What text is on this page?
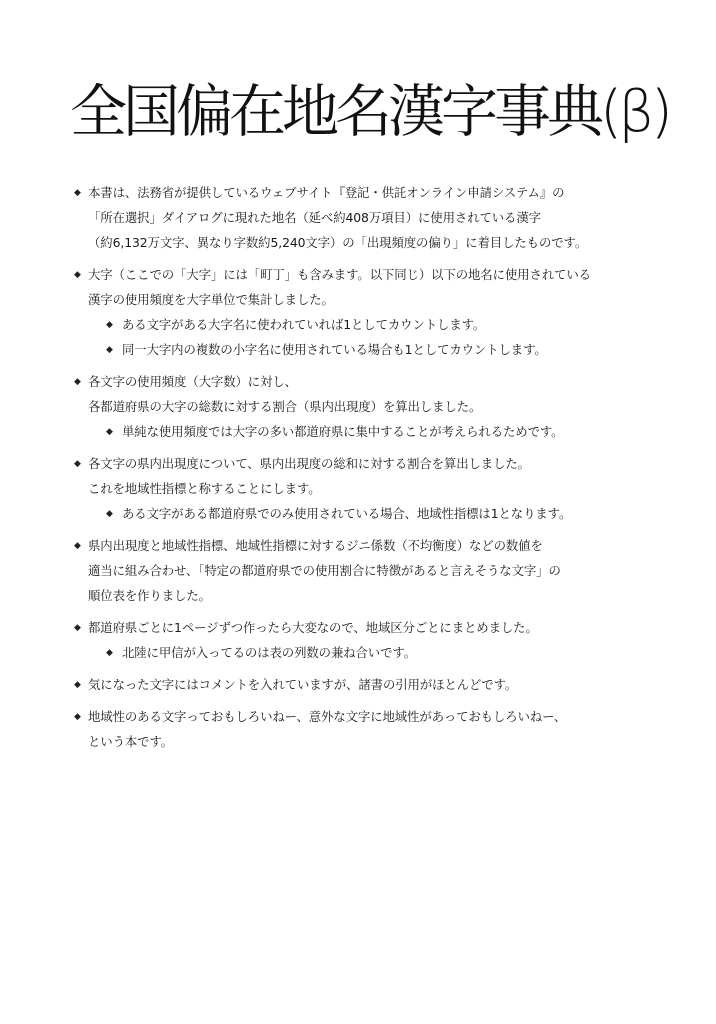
全国偏在地名漢字事典(β)
◆ 本書は、法務省が提供しているウェブサイト『登記・供託オンライン申請システム』の
「所在選択」ダイアログに現れた地名（延べ約408万項目）に使用されている漢字
（約6,132万文字、異なり字数約5,240文字）の「出現頻度の偏り」に着目したものです。
◆ 大字（ここでの「大字」には「町丁」も含みます。以下同じ）以下の地名に使用されている
漢字の使用頻度を大字単位で集計しました。
◆ ある文字がある大字名に使われていれば1としてカウントします。
◆ 同一大字内の複数の小字名に使用されている場合も1としてカウントします。
◆ 各文字の使用頻度（大字数）に対し、
各都道府県の大字の総数に対する割合（県内出現度）を算出しました。
◆ 単純な使用頻度では大字の多い都道府県に集中することが考えられるためです。
◆ 各文字の県内出現度について、県内出現度の総和に対する割合を算出しました。
これを地域性指標と称することにします。
◆ ある文字がある都道府県でのみ使用されている場合、地域性指標は1となります。
◆ 県内出現度と地域性指標、地域性指標に対するジニ係数（不均衡度）などの数値を
適当に組み合わせ、「特定の都道府県での使用割合に特徴があると言えそうな文字」の
順位表を作りました。
◆ 都道府県ごとに1ページずつ作ったら大変なので、地域区分ごとにまとめました。
◆ 北陸に甲信が入ってるのは表の列数の兼ね合いです。
◆ 気になった文字にはコメントを入れていますが、諸書の引用がほとんどです。
◆ 地域性のある文字っておもしろいねー、意外な文字に地域性があっておもしろいねー、
という本です。
